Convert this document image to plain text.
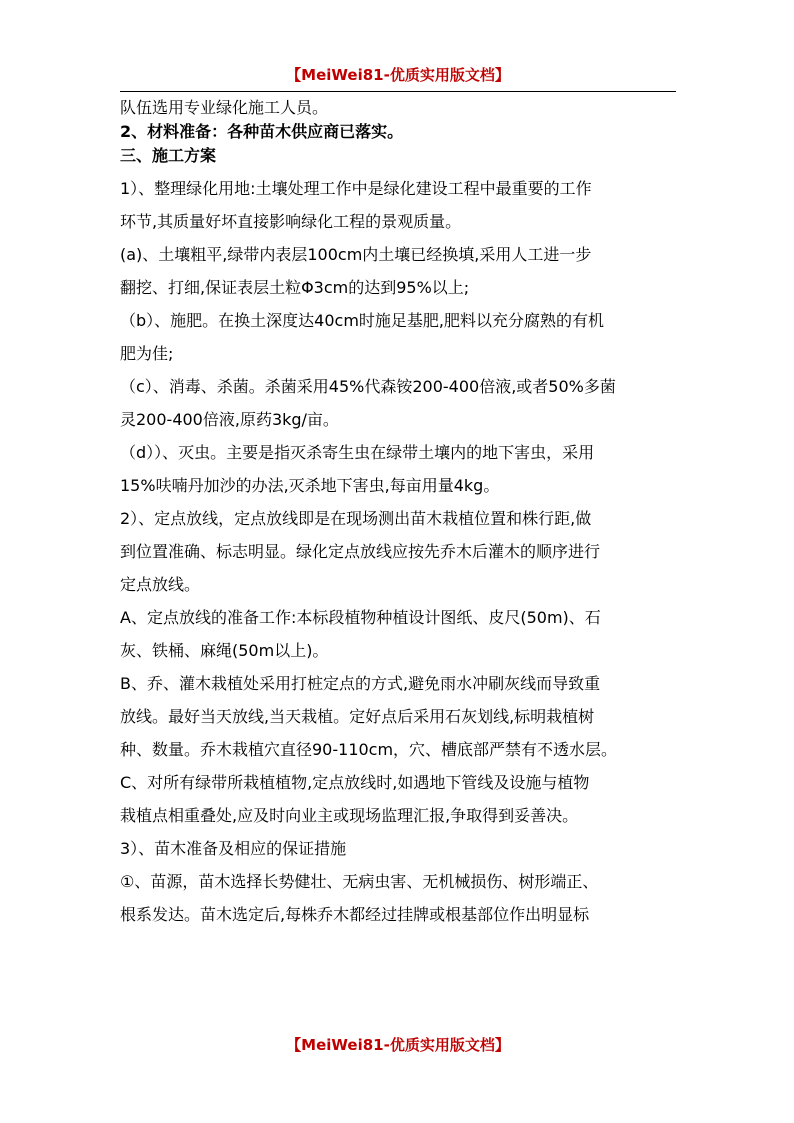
【MeiWei81-优质实用版文档】
队伍选用专业绿化施工人员。
2、材料准备：各种苗木供应商已落实。
三、施工方案
1）、整理绿化用地:土壤处理工作中是绿化建设工程中最重要的工作
环节,其质量好坏直接影响绿化工程的景观质量。
(a)、土壤粗平,绿带内表层100cm内土壤已经换填,采用人工进一步
翻挖、打细,保证表层土粒Φ3cm的达到95%以上;
（b）、施肥。在换土深度达40cm时施足基肥,肥料以充分腐熟的有机
肥为佳;
（c）、消毒、杀菌。杀菌采用45%代森铵200-400倍液,或者50%多菌
灵200-400倍液,原药3kg/亩。
（d））、灭虫。主要是指灭杀寄生虫在绿带土壤内的地下害虫，采用
15%呋喃丹加沙的办法,灭杀地下害虫,每亩用量4kg。
2）、定点放线，定点放线即是在现场测出苗木栽植位置和株行距,做
到位置准确、标志明显。绿化定点放线应按先乔木后灌木的顺序进行
定点放线。
A、定点放线的准备工作:本标段植物种植设计图纸、皮尺(50m)、石
灰、铁桶、麻绳(50m以上)。
B、乔、灌木栽植处采用打桩定点的方式,避免雨水冲刷灰线而导致重
放线。最好当天放线,当天栽植。定好点后采用石灰划线,标明栽植树
种、数量。乔木栽植穴直径90-110cm，穴、槽底部严禁有不透水层。
C、对所有绿带所栽植植物,定点放线时,如遇地下管线及设施与植物
栽植点相重叠处,应及时向业主或现场监理汇报,争取得到妥善决。
3）、苗木准备及相应的保证措施
①、苗源，苗木选择长势健壮、无病虫害、无机械损伤、树形端正、
根系发达。苗木选定后,每株乔木都经过挂牌或根基部位作出明显标
【MeiWei81-优质实用版文档】
